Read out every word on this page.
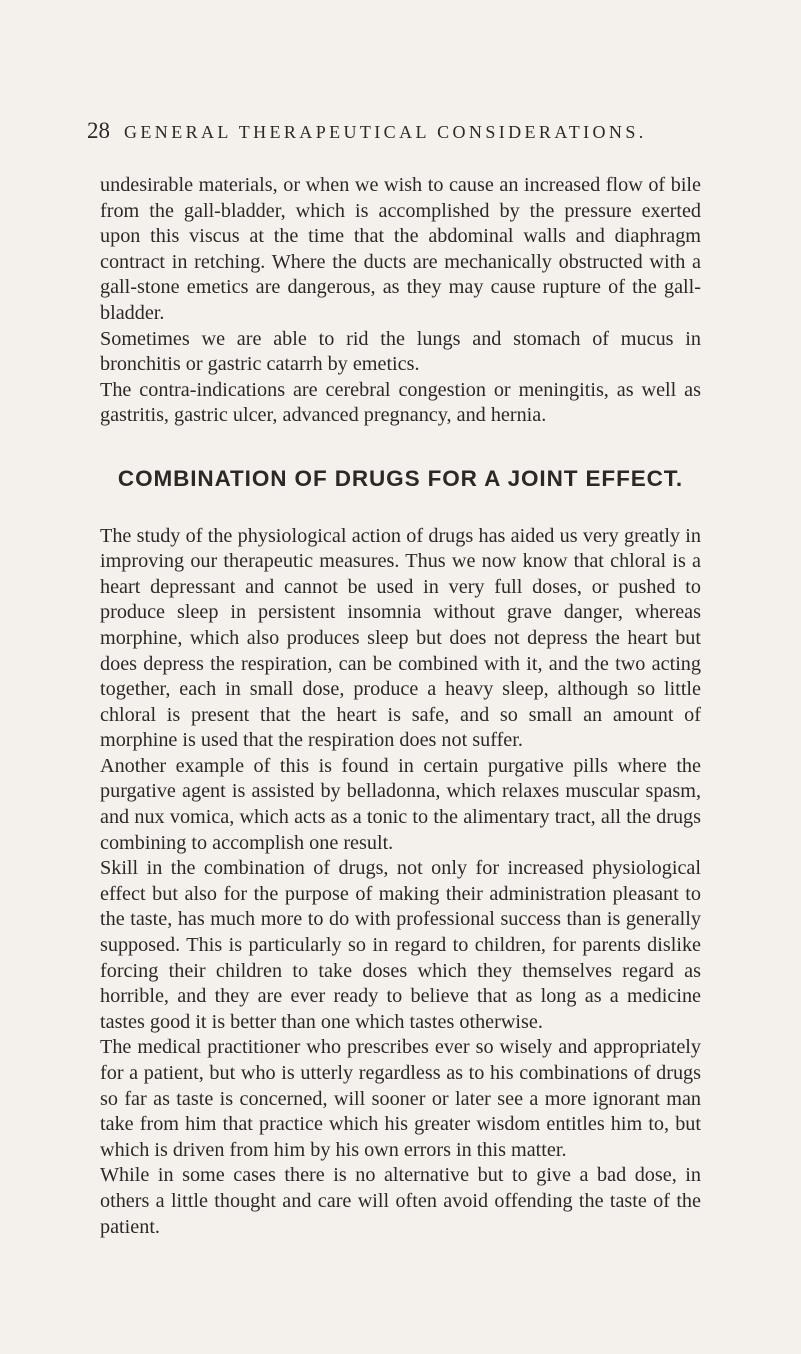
28 GENERAL THERAPEUTICAL CONSIDERATIONS.

undesirable materials, or when we wish to cause an increased flow of bile from the gall-bladder, which is accomplished by the pressure exerted upon this viscus at the time that the abdominal walls and diaphragm contract in retching. Where the ducts are mechanically obstructed with a gall-stone emetics are dangerous, as they may cause rupture of the gall-bladder.

Sometimes we are able to rid the lungs and stomach of mucus in bronchitis or gastric catarrh by emetics.

The contra-indications are cerebral congestion or meningitis, as well as gastritis, gastric ulcer, advanced pregnancy, and hernia.

COMBINATION OF DRUGS FOR A JOINT EFFECT.

The study of the physiological action of drugs has aided us very greatly in improving our therapeutic measures. Thus we now know that chloral is a heart depressant and cannot be used in very full doses, or pushed to produce sleep in persistent insomnia without grave danger, whereas morphine, which also produces sleep but does not depress the heart but does depress the respiration, can be combined with it, and the two acting together, each in small dose, produce a heavy sleep, although so little chloral is present that the heart is safe, and so small an amount of morphine is used that the respiration does not suffer.

Another example of this is found in certain purgative pills where the purgative agent is assisted by belladonna, which relaxes muscular spasm, and nux vomica, which acts as a tonic to the alimentary tract, all the drugs combining to accomplish one result.

Skill in the combination of drugs, not only for increased physiological effect but also for the purpose of making their administration pleasant to the taste, has much more to do with professional success than is generally supposed. This is particularly so in regard to children, for parents dislike forcing their children to take doses which they themselves regard as horrible, and they are ever ready to believe that as long as a medicine tastes good it is better than one which tastes otherwise.

The medical practitioner who prescribes ever so wisely and appropriately for a patient, but who is utterly regardless as to his combinations of drugs so far as taste is concerned, will sooner or later see a more ignorant man take from him that practice which his greater wisdom entitles him to, but which is driven from him by his own errors in this matter.

While in some cases there is no alternative but to give a bad dose, in others a little thought and care will often avoid offending the taste of the patient.
